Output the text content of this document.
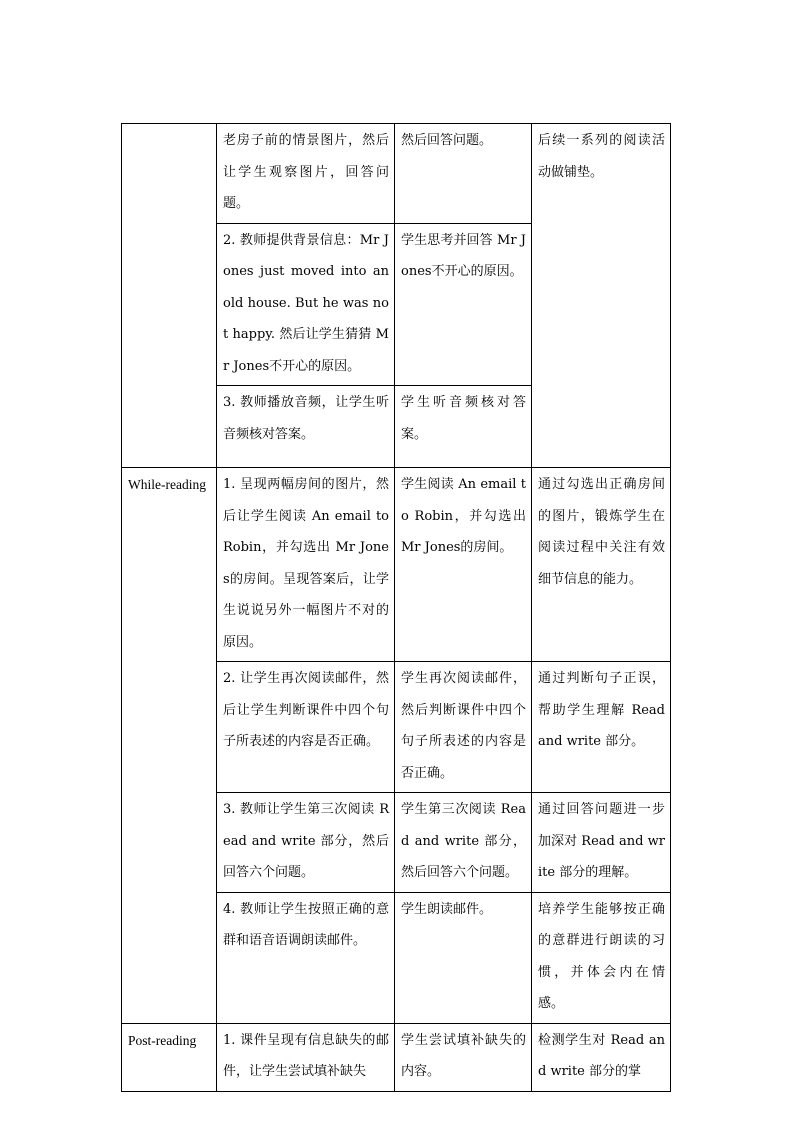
	老房子前的情景图片，然后让学生观察图片，回答问题。	然后回答问题。	后续一系列的阅读活动做铺垫。
	2. 教师提供背景信息：Mr Jones just moved into an old house. But he was not happy. 然后让学生猜猜 Mr Jones不开心的原因。	学生思考并回答 Mr Jones不开心的原因。	
	3. 教师播放音频，让学生听音频核对答案。	学生听音频核对答案。	
While-reading	1. 呈现两幅房间的图片，然后让学生阅读 An email to Robin，并勾选出 Mr Jones的房间。呈现答案后，让学生说说另外一幅图片不对的原因。	学生阅读 An email to Robin，并勾选出 Mr Jones的房间。	通过勾选出正确房间的图片，锻炼学生在阅读过程中关注有效细节信息的能力。
	2. 让学生再次阅读邮件，然后让学生判断课件中四个句子所表述的内容是否正确。	学生再次阅读邮件，然后判断课件中四个句子所表述的内容是否正确。	通过判断句子正误，帮助学生理解 Read and write 部分。
	3. 教师让学生第三次阅读 Read and write 部分，然后回答六个问题。	学生第三次阅读 Read and write 部分，然后回答六个问题。	通过回答问题进一步加深对 Read and write 部分的理解。
	4. 教师让学生按照正确的意群和语音语调朗读邮件。	学生朗读邮件。	培养学生能够按正确的意群进行朗读的习惯，并体会内在情感。
Post-reading	1. 课件呈现有信息缺失的邮件，让学生尝试填补缺失	学生尝试填补缺失的内容。	检测学生对 Read and write 部分的掌
